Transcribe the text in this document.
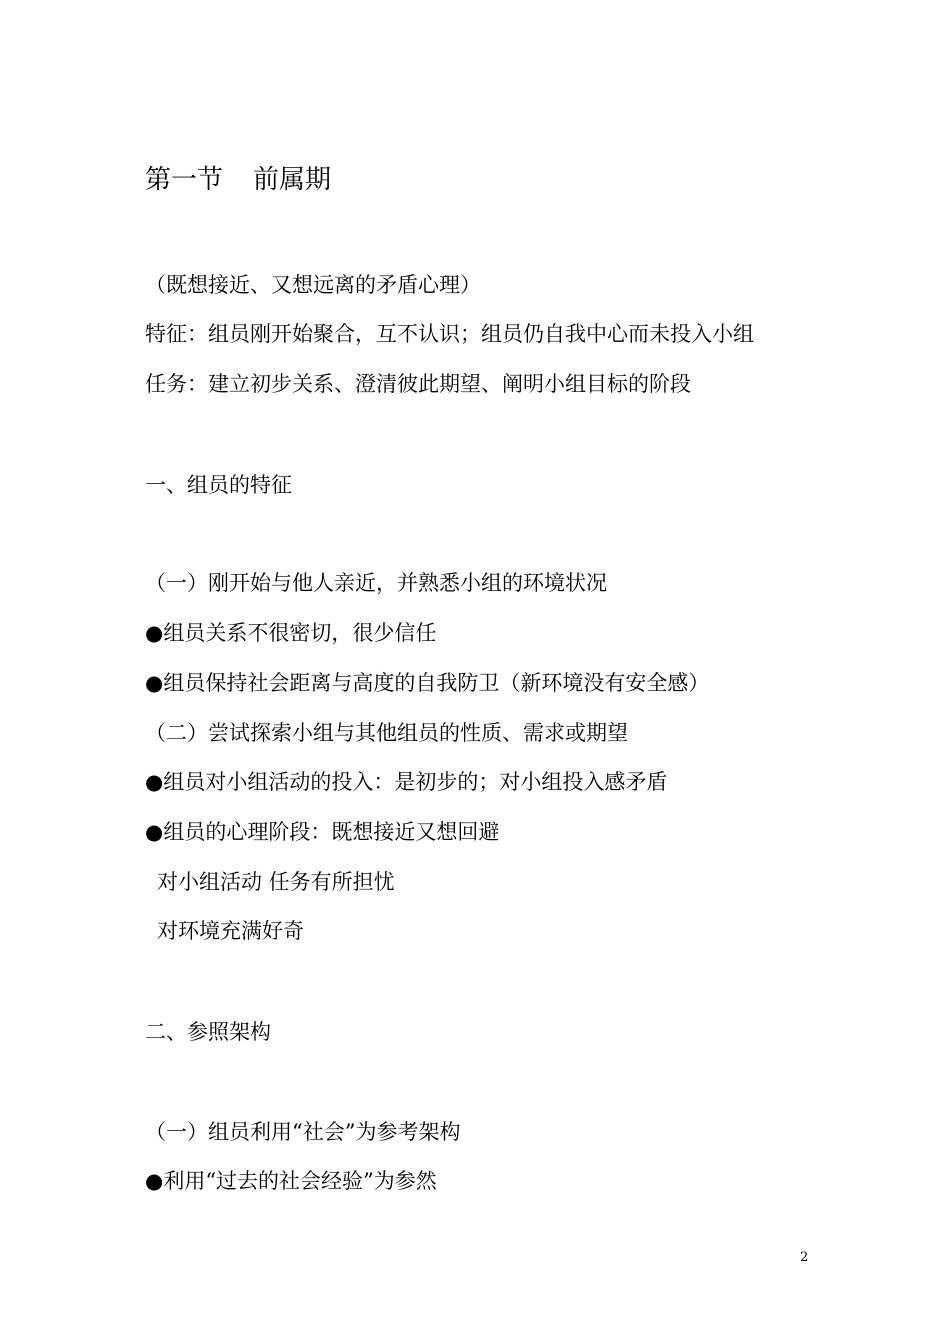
第一节 前属期
（既想接近、又想远离的矛盾心理）
特征：组员刚开始聚合，互不认识；组员仍自我中心而未投入小组
任务：建立初步关系、澄清彼此期望、阐明小组目标的阶段
一、组员的特征
（一）刚开始与他人亲近，并熟悉小组的环境状况
●组员关系不很密切，很少信任
●组员保持社会距离与高度的自我防卫（新环境没有安全感）
（二）尝试探索小组与其他组员的性质、需求或期望
●组员对小组活动的投入：是初步的；对小组投入感矛盾
●组员的心理阶段：既想接近又想回避
对小组活动 任务有所担忧
对环境充满好奇
二、参照架构
（一）组员利用“社会”为参考架构
●利用“过去的社会经验”为参然
2
